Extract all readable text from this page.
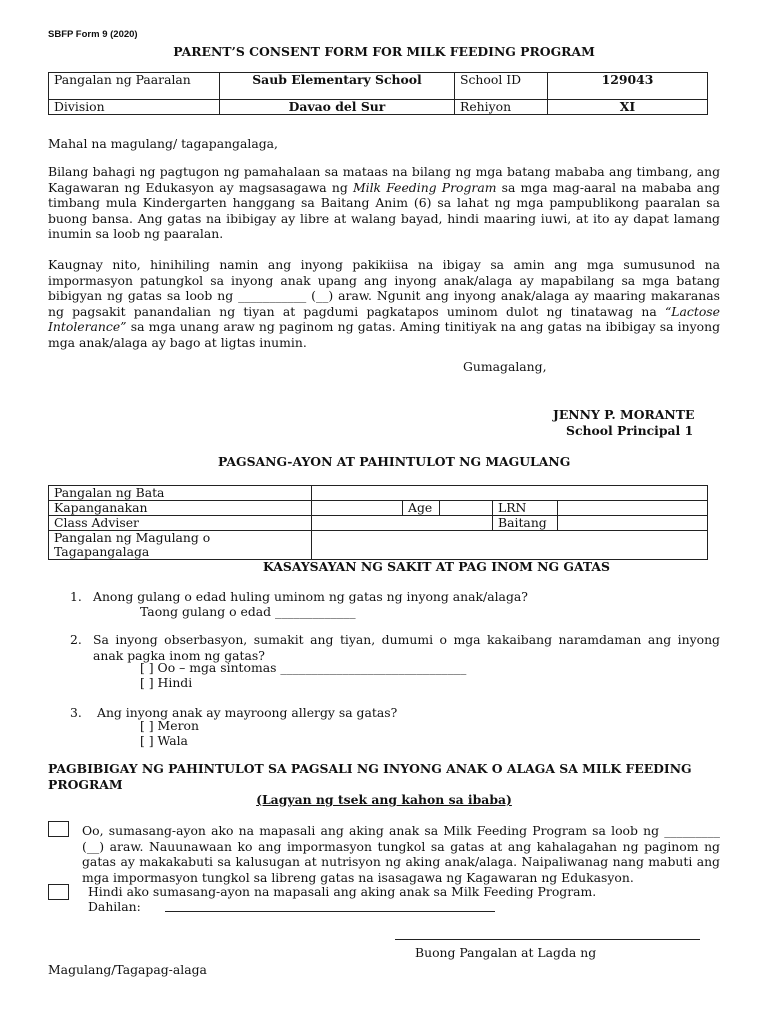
SBFP Form 9 (2020)
PARENT’S CONSENT FORM FOR MILK FEEDING PROGRAM
Pangalan ng Paaralan	Saub Elementary School	School ID	129043
Division	Davao del Sur	Rehiyon	XI
Mahal na magulang/ tagapangalaga,

Bilang bahagi ng pagtugon ng pamahalaan sa mataas na bilang ng mga batang mababa ang timbang, ang Kagawaran ng Edukasyon ay magsasagawa ng Milk Feeding Program sa mga mag-aaral na mababa ang timbang mula Kindergarten hanggang sa Baitang Anim (6) sa lahat ng mga pampublikong paaralan sa buong bansa. Ang gatas na ibibigay ay libre at walang bayad, hindi maaring iuwi, at ito ay dapat lamang inumin sa loob ng paaralan.

Kaugnay nito, hinihiling namin ang inyong pakikiisa na ibigay sa amin ang mga sumusunod na impormasyon patungkol sa inyong anak upang ang inyong anak/alaga ay mapabilang sa mga batang bibigyan ng gatas sa loob ng ___________ (__) araw. Ngunit ang inyong anak/alaga ay maaring makaranas ng pagsakit panandalian ng tiyan at pagdumi pagkatapos uminom dulot ng tinatawag na “Lactose Intolerance” sa mga unang araw ng paginom ng gatas. Aming tinitiyak na ang gatas na ibibigay sa inyong mga anak/alaga ay bago at ligtas inumin.

Gumagalang,
JENNY P. MORANTE
School Principal 1
PAGSANG-AYON AT PAHINTULOT NG MAGULANG
Pangalan ng Bata					
Kapanganakan		Age		LRN	
Class Adviser				Baitang	
Pangalan ng Magulang o
Tagapangalaga					
KASAYSAYAN NG SAKIT AT PAG INOM NG GATAS
1. Anong gulang o edad huling uminom ng gatas ng inyong anak/alaga?
Taong gulang o edad _____________
2. Sa inyong obserbasyon, sumakit ang tiyan, dumumi o mga kakaibang naramdaman ang inyong anak pagka inom ng gatas?

[ ] Oo – mga sintomas ______________________________
[ ] Hindi
3. Ang inyong anak ay mayroong allergy sa gatas?
[ ] Meron
[ ] Wala
PAGBIBIGAY NG PAHINTULOT SA PAGSALI NG INYONG ANAK O ALAGA SA MILK FEEDING
PROGRAM
(Lagyan ng tsek ang kahon sa ibaba)

Oo, sumasang-ayon ako na mapasali ang aking anak sa Milk Feeding Program sa loob ng _________ (__) araw. Nauunawaan ko ang impormasyon tungkol sa gatas at ang kahalagahan ng paginom ng gatas ay makakabuti sa kalusugan at nutrisyon ng aking anak/alaga. Naipaliwanag nang mabuti ang mga impormasyon tungkol sa libreng gatas na isasagawa ng Kagawaran ng Edukasyon.

Hindi ako sumasang-ayon na mapasali ang aking anak sa Milk Feeding Program.
Dahilan:
Buong Pangalan at Lagda ng
Magulang/Tagapag-alaga
